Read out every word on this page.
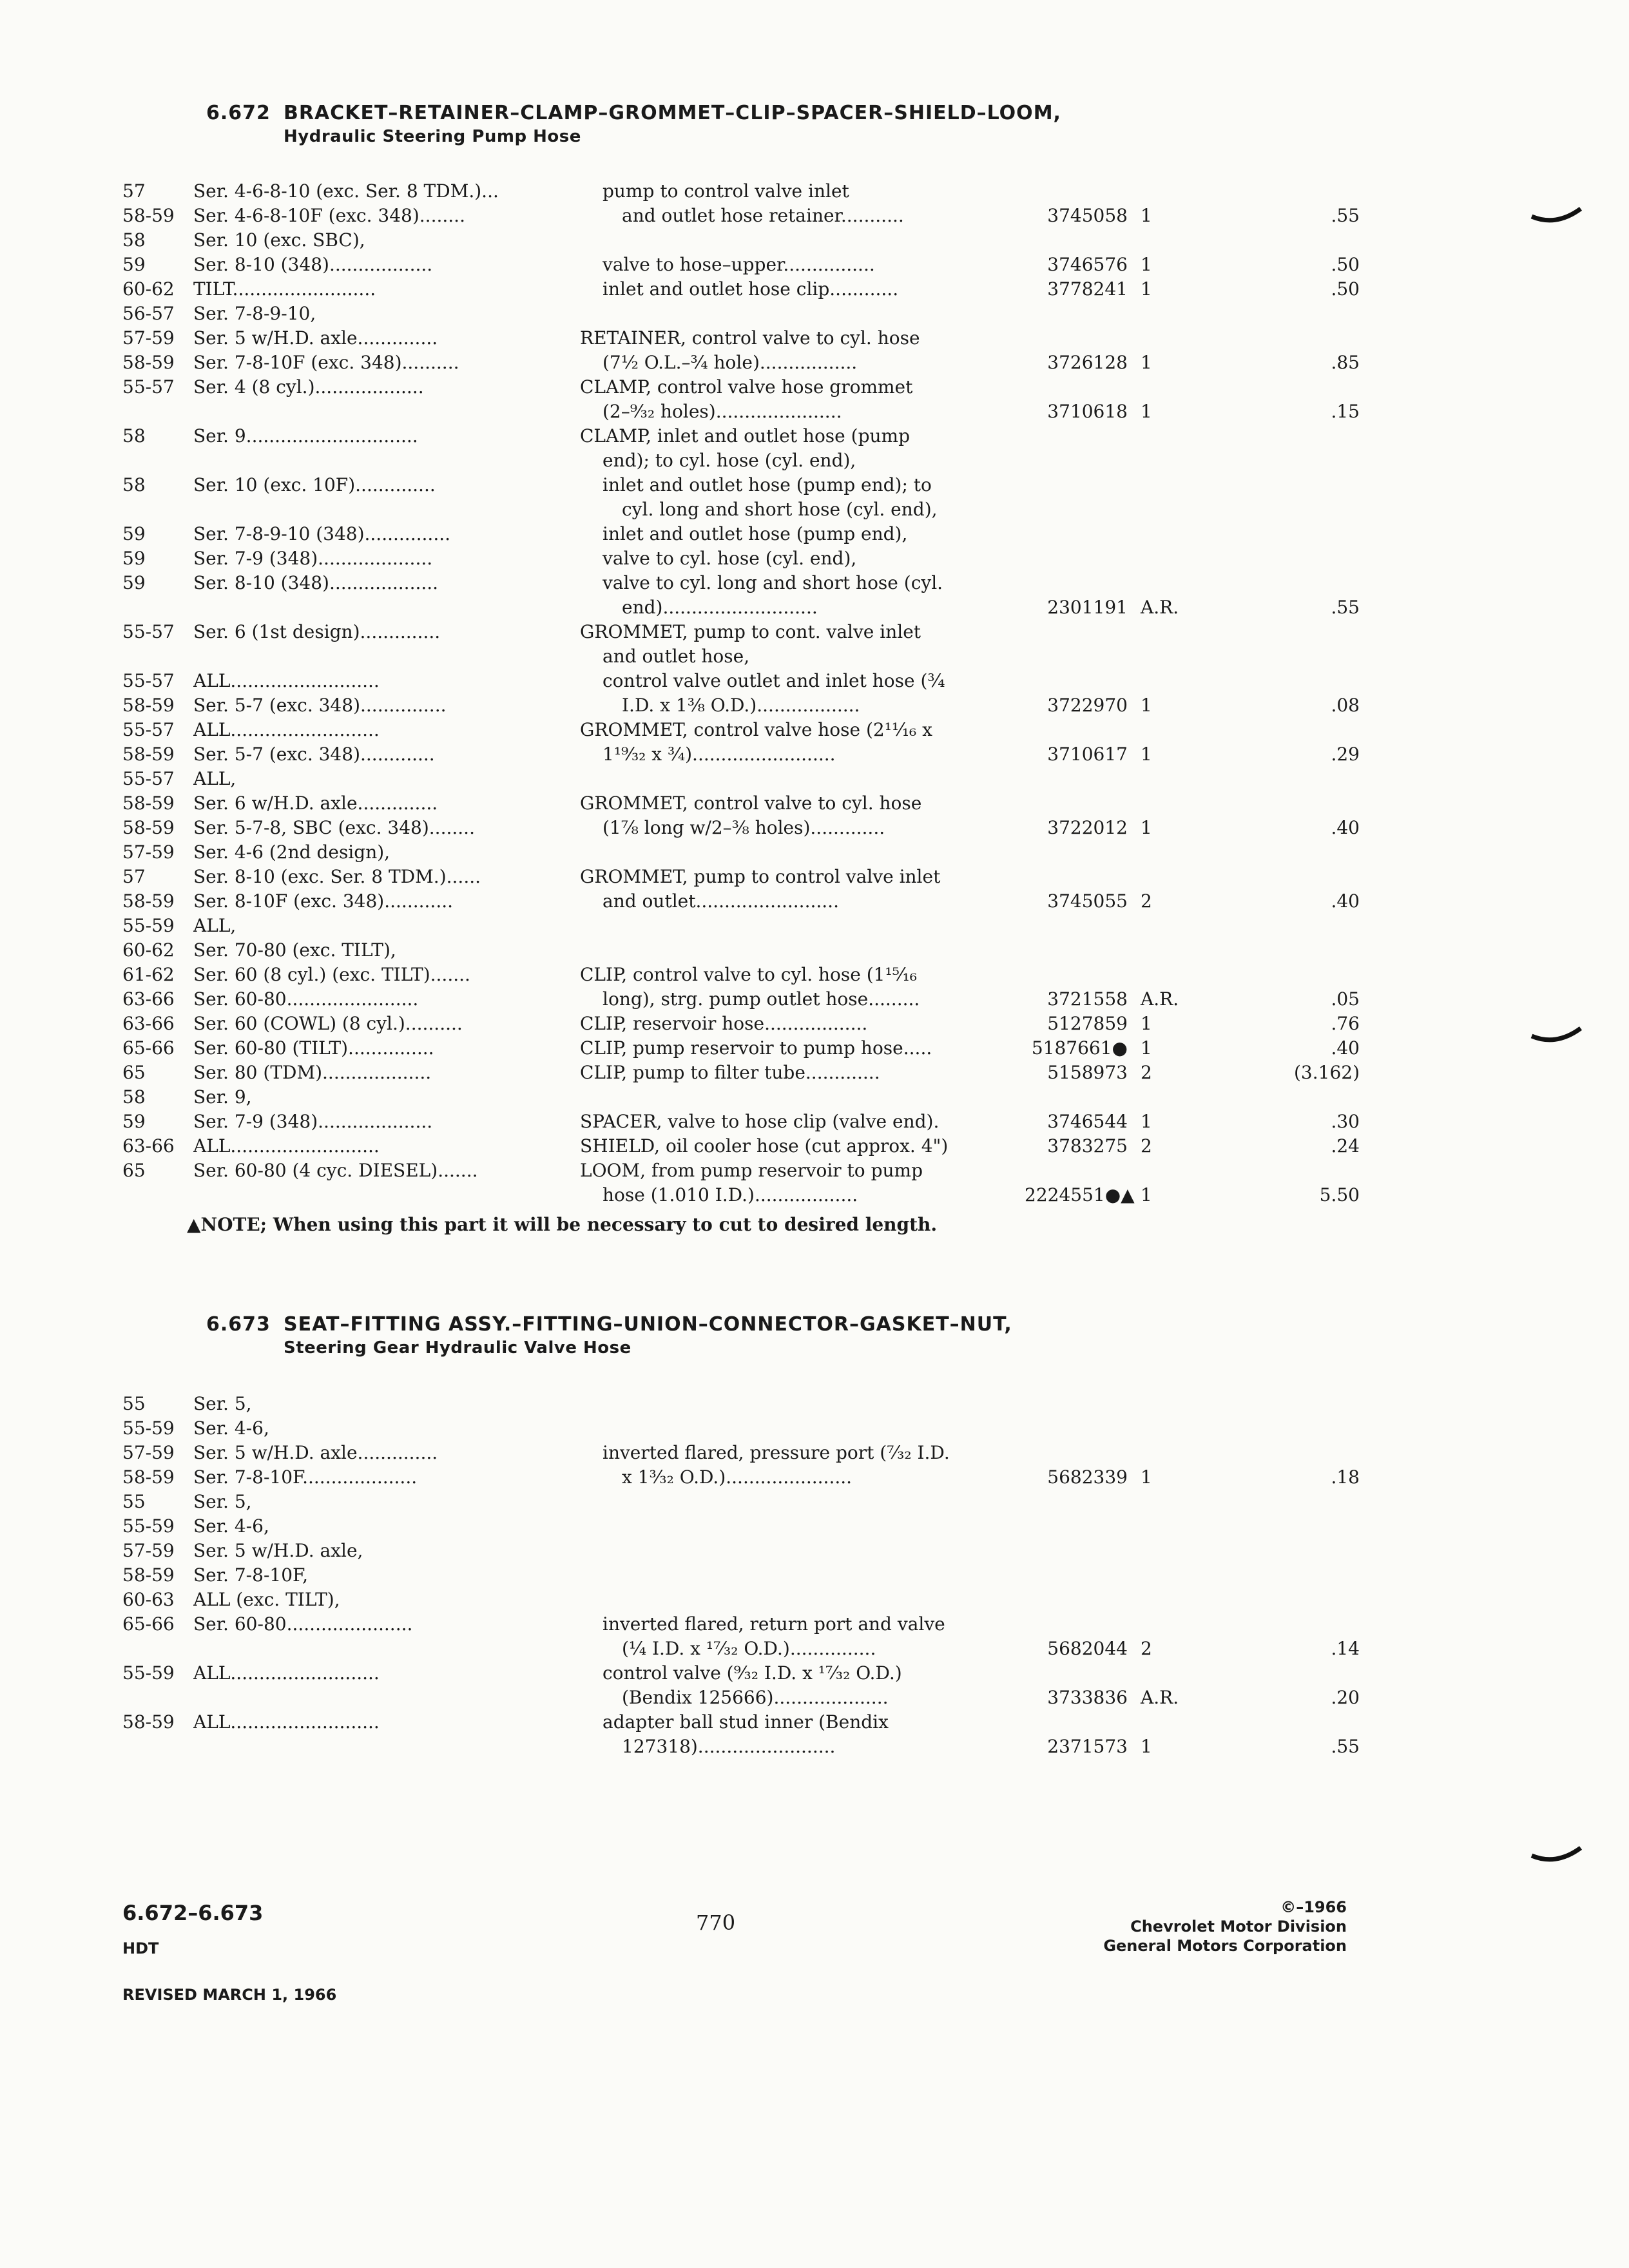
6.672 BRACKET–RETAINER–CLAMP–GROMMET–CLIP–SPACER–SHIELD–LOOM,
Hydraulic Steering Pump Hose
57	Ser. 4-6-8-10 (exc. Ser. 8 TDM.)...	pump to control valve inlet
58-59	Ser. 4-6-8-10F (exc. 348)........	and outlet hose retainer...........	3745058 1	.55
58	Ser. 10 (exc. SBC),
59	Ser. 8-10 (348)..................	valve to hose–upper................	3746576 1	.50
60-62	TILT.........................	inlet and outlet hose clip............	3778241 1	.50
56-57	Ser. 7-8-9-10,
57-59	Ser. 5 w/H.D. axle..............	RETAINER, control valve to cyl. hose
58-59	Ser. 7-8-10F (exc. 348)..........	(7½ O.L.–¾ hole).................	3726128 1	.85
55-57	Ser. 4 (8 cyl.)...................	CLAMP, control valve hose grommet
(2–⁹⁄₃₂ holes)......................	3710618 1	.15
58	Ser. 9..............................	CLAMP, inlet and outlet hose (pump
end); to cyl. hose (cyl. end),
58	Ser. 10 (exc. 10F)..............	inlet and outlet hose (pump end); to
cyl. long and short hose (cyl. end),
59	Ser. 7-8-9-10 (348)...............	inlet and outlet hose (pump end),
59	Ser. 7-9 (348)....................	valve to cyl. hose (cyl. end),
59	Ser. 8-10 (348)...................	valve to cyl. long and short hose (cyl.
end)...........................	2301191 A.R.	.55
55-57	Ser. 6 (1st design)..............	GROMMET, pump to cont. valve inlet
and outlet hose,
55-57	ALL..........................	control valve outlet and inlet hose (¾
58-59	Ser. 5-7 (exc. 348)...............	I.D. x 1⅜ O.D.)..................	3722970 1	.08
55-57	ALL..........................	GROMMET, control valve hose (2¹¹⁄₁₆ x
58-59	Ser. 5-7 (exc. 348).............	1¹⁹⁄₃₂ x ¾).........................	3710617 1	.29
55-57	ALL,
58-59	Ser. 6 w/H.D. axle..............	GROMMET, control valve to cyl. hose
58-59	Ser. 5-7-8, SBC (exc. 348)........	(1⅞ long w/2–⅜ holes).............	3722012 1	.40
57-59	Ser. 4-6 (2nd design),
57	Ser. 8-10 (exc. Ser. 8 TDM.)......	GROMMET, pump to control valve inlet
58-59	Ser. 8-10F (exc. 348)............	and outlet.........................	3745055 2	.40
55-59	ALL,
60-62	Ser. 70-80 (exc. TILT),
61-62	Ser. 60 (8 cyl.) (exc. TILT).......	CLIP, control valve to cyl. hose (1¹⁵⁄₁₆
63-66	Ser. 60-80.......................	long), strg. pump outlet hose.........	3721558 A.R.	.05
63-66	Ser. 60 (COWL) (8 cyl.)..........	CLIP, reservoir hose..................	5127859 1	.76
65-66	Ser. 60-80 (TILT)...............	CLIP, pump reservoir to pump hose.....	5187661● 1	.40
65	Ser. 80 (TDM)...................	CLIP, pump to filter tube.............	5158973 2	(3.162)
58	Ser. 9,
59	Ser. 7-9 (348)....................	SPACER, valve to hose clip (valve end).	3746544 1	.30
63-66	ALL..........................	SHIELD, oil cooler hose (cut approx. 4")	3783275 2	.24
65	Ser. 60-80 (4 cyc. DIESEL).......	LOOM, from pump reservoir to pump
hose (1.010 I.D.)..................	2224551●▲ 1	5.50
▲NOTE; When using this part it will be necessary to cut to desired length.
6.673 SEAT–FITTING ASSY.–FITTING–UNION–CONNECTOR–GASKET–NUT,
Steering Gear Hydraulic Valve Hose
55	Ser. 5,
55-59	Ser. 4-6,
57-59	Ser. 5 w/H.D. axle..............	inverted flared, pressure port (⁷⁄₃₂ I.D.
58-59	Ser. 7-8-10F....................	x 1³⁄₃₂ O.D.)......................	5682339 1	.18
55	Ser. 5,
55-59	Ser. 4-6,
57-59	Ser. 5 w/H.D. axle,
58-59	Ser. 7-8-10F,
60-63	ALL (exc. TILT),
65-66	Ser. 60-80......................	inverted flared, return port and valve
(¼ I.D. x ¹⁷⁄₃₂ O.D.)...............	5682044 2	.14
55-59	ALL..........................	control valve (⁹⁄₃₂ I.D. x ¹⁷⁄₃₂ O.D.)
(Bendix 125666)....................	3733836 A.R.	.20
58-59	ALL..........................	adapter ball stud inner (Bendix
127318)........................	2371573 1	.55
6.672–6.673
HDT
REVISED MARCH 1, 1966
770
©–1966
Chevrolet Motor Division
General Motors Corporation
